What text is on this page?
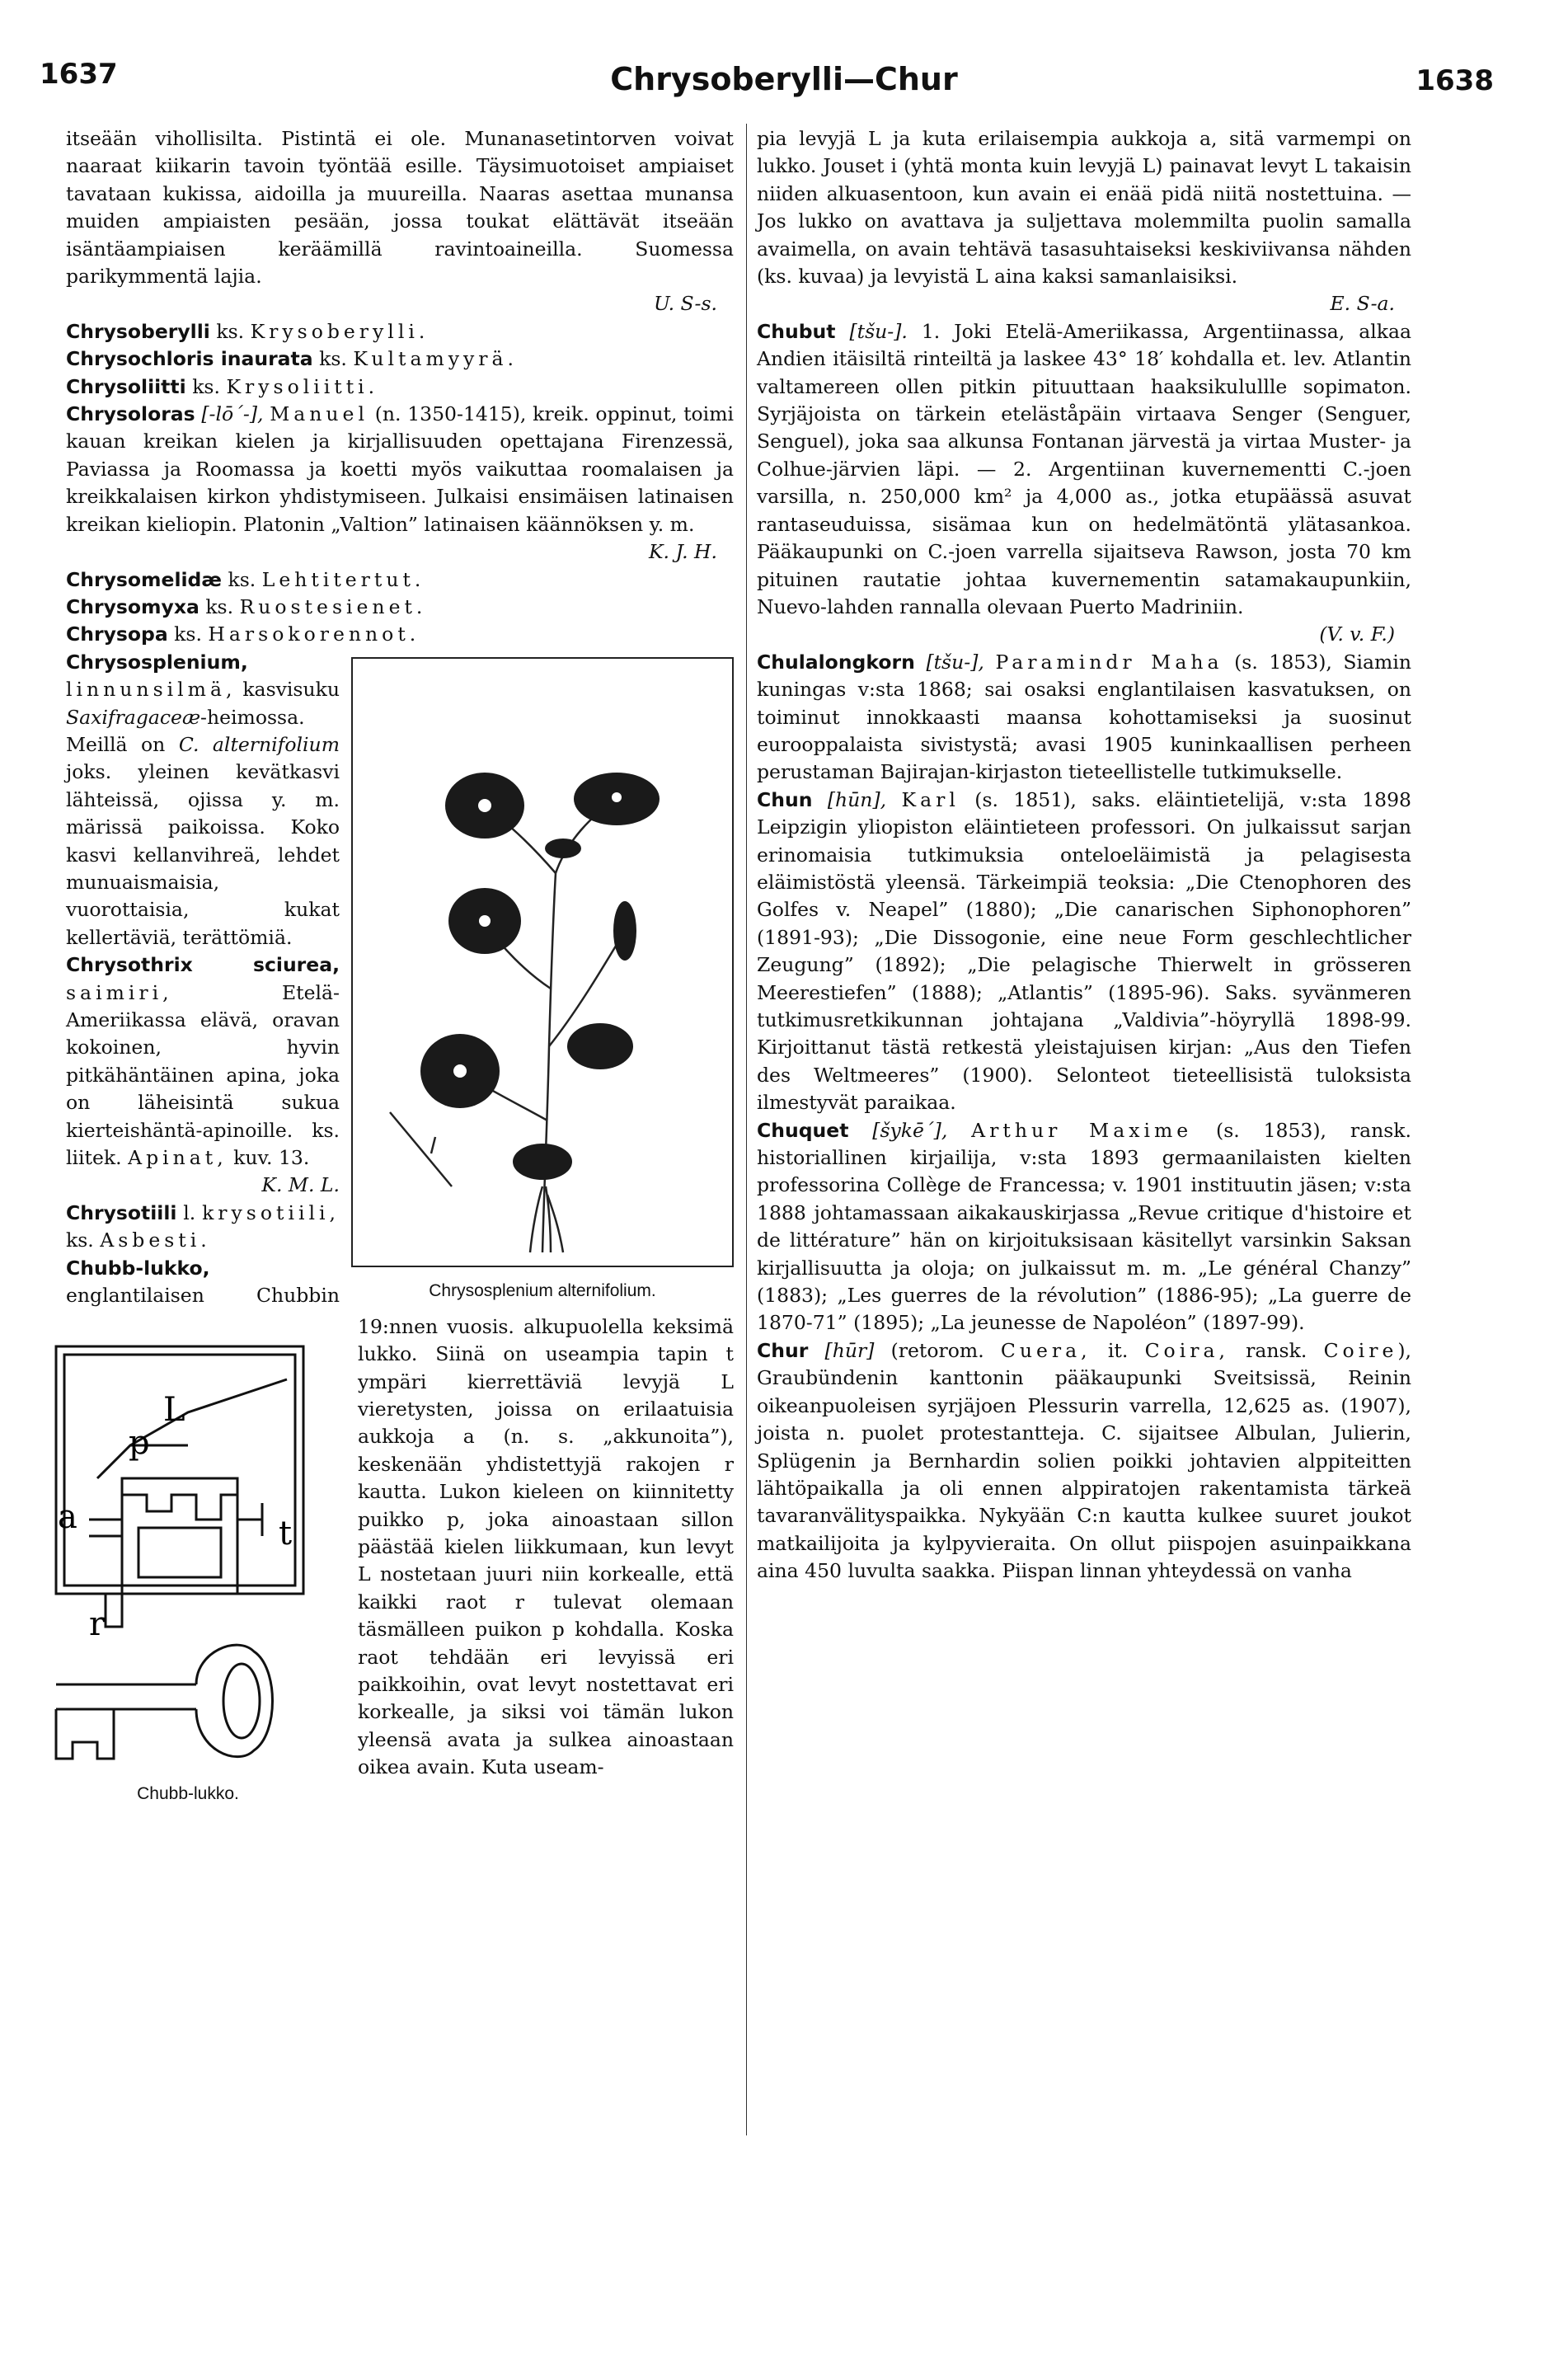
1637	Chrysoberylli—Chur	1638

itseään vihollisilta. Pistintä ei ole. Munanasetintorven voivat naaraat kiikarin tavoin työntää esille. Täysimuotoiset ampiaiset tavataan kukissa, aidoilla ja muureilla. Naaras asettaa munansa muiden ampiaisten pesään, jossa toukat elättävät itseään isäntäampiaisen keräämillä ravintoaineilla. Suomessa parikymmentä lajia.
U. S-s.

Chrysoberylli ks. Krysoberylli.

Chrysochloris inaurata ks. Kultamyyrä.

Chrysoliitti ks. Krysoliitti.

Chrysoloras [-lō´-], Manuel (n. 1350-1415), kreik. oppinut, toimi kauan kreikan kielen ja kirjallisuuden opettajana Firenzessä, Paviassa ja Roomassa ja koetti myös vaikuttaa roomalaisen ja kreikkalaisen kirkon yhdistymiseen. Julkaisi ensimäisen latinaisen kreikan kieliopin. Platonin „Valtion” latinaisen käännöksen y. m.
K. J. H.

Chrysomelidæ ks. Lehtitertut.

Chrysomyxa ks. Ruostesienet.

Chrysopa ks. Harsokorennot.

Chrysosplenium alternifolium.

Chrysosplenium, linnunsilmä, kasvisuku Saxifragaceæ-heimossa. Meillä on C. alternifolium joks. yleinen kevätkasvi lähteissä, ojissa y. m. märissä paikoissa. Koko kasvi kellanvihreä, lehdet munuaismaisia, vuorottaisia, kukat kellertäviä, terättömiä.

Chrysothrix sciurea, saimiri, Etelä-Ameriikassa elävä, oravan kokoinen, hyvin pitkähäntäinen apina, joka on läheisintä sukua kierteishäntä-apinoille. ks. liitek. Apinat, kuv. 13.
K. M. L.

Chrysotiili l. krysotiili, ks. Asbesti.

a
L
p
t
r
Chubb-lukko.

Chubb-lukko, englantilaisen Chubbin 19:nnen vuosis. alkupuolella keksimä lukko. Siinä on useampia tapin t ympäri kierrettäviä levyjä L vieretysten, joissa on erilaatuisia aukkoja a (n. s. „akkunoita”), keskenään yhdistettyjä rakojen r kautta. Lukon kieleen on kiinnitetty puikko p, joka ainoastaan sillon päästää kielen liikkumaan, kun levyt L nostetaan juuri niin korkealle, että kaikki raot r tulevat olemaan täsmälleen puikon p kohdalla. Koska raot tehdään eri levyissä eri paikkoihin, ovat levyt nostettavat eri korkealle, ja siksi voi tämän lukon yleensä avata ja sulkea ainoastaan oikea avain. Kuta useam-

pia levyjä L ja kuta erilaisempia aukkoja a, sitä varmempi on lukko. Jouset i (yhtä monta kuin levyjä L) painavat levyt L takaisin niiden alkuasentoon, kun avain ei enää pidä niitä nostettuina. — Jos lukko on avattava ja suljettava molemmilta puolin samalla avaimella, on avain tehtävä tasasuhtaiseksi keskiviivansa nähden (ks. kuvaa) ja levyistä L aina kaksi samanlaisiksi.
E. S-a.

Chubut [tšu-]. 1. Joki Etelä-Ameriikassa, Argentiinassa, alkaa Andien itäisiltä rinteiltä ja laskee 43° 18′ kohdalla et. lev. Atlantin valtamereen ollen pitkin pituuttaan haaksikulullle sopimaton. Syrjäjoista on tärkein eteläståpäin virtaava Senger (Senguer, Senguel), joka saa alkunsa Fontanan järvestä ja virtaa Muster- ja Colhue-järvien läpi. — 2. Argentiinan kuvernementti C.-joen varsilla, n. 250,000 km² ja 4,000 as., jotka etupäässä asuvat rantaseuduissa, sisämaa kun on hedelmätöntä ylätasankoa. Pääkaupunki on C.-joen varrella sijaitseva Rawson, josta 70 km pituinen rautatie johtaa kuvernementin satamakaupunkiin, Nuevo-lahden rannalla olevaan Puerto Madriniin.
(V. v. F.)

Chulalongkorn [tšu-], Paramindr Maha (s. 1853), Siamin kuningas v:sta 1868; sai osaksi englantilaisen kasvatuksen, on toiminut innokkaasti maansa kohottamiseksi ja suosinut eurooppalaista sivistystä; avasi 1905 kuninkaallisen perheen perustaman Bajirajan-kirjaston tieteellistelle tutkimukselle.

Chun [hūn], Karl (s. 1851), saks. eläintietelijä, v:sta 1898 Leipzigin yliopiston eläintieteen professori. On julkaissut sarjan erinomaisia tutkimuksia onteloeläimistä ja pelagisesta eläimistöstä yleensä. Tärkeimpiä teoksia: „Die Ctenophoren des Golfes v. Neapel” (1880); „Die canarischen Siphonophoren” (1891-93); „Die Dissogonie, eine neue Form geschlechtlicher Zeugung” (1892); „Die pelagische Thierwelt in grösseren Meerestiefen” (1888); „Atlantis” (1895-96). Saks. syvänmeren tutkimusretkikunnan johtajana „Valdivia”-höyryllä 1898-99. Kirjoittanut tästä retkestä yleistajuisen kirjan: „Aus den Tiefen des Weltmeeres” (1900). Selonteot tieteellisistä tuloksista ilmestyvät paraikaa.

Chuquet [šykē´], Arthur Maxime (s. 1853), ransk. historiallinen kirjailija, v:sta 1893 germaanilaisten kielten professorina Collège de Francessa; v. 1901 instituutin jäsen; v:sta 1888 johtamassaan aikakauskirjassa „Revue critique d'histoire et de littérature” hän on kirjoituksisaan käsitellyt varsinkin Saksan kirjallisuutta ja oloja; on julkaissut m. m. „Le général Chanzy” (1883); „Les guerres de la révolution” (1886-95); „La guerre de 1870-71” (1895); „La jeunesse de Napoléon” (1897-99).

Chur [hūr] (retorom. Cuera, it. Coira, ransk. Coire), Graubündenin kanttonin pääkaupunki Sveitsissä, Reinin oikeanpuoleisen syrjäjoen Plessurin varrella, 12,625 as. (1907), joista n. puolet protestantteja. C. sijaitsee Albulan, Julierin, Splügenin ja Bernhardin solien poikki johtavien alppiteitten lähtöpaikalla ja oli ennen alppiratojen rakentamista tärkeä tavaranvälityspaikka. Nykyään C:n kautta kulkee suuret joukot matkailijoita ja kylpyvieraita. On ollut piispojen asuinpaikkana aina 450 luvulta saakka. Piispan linnan yhteydessä on vanha
